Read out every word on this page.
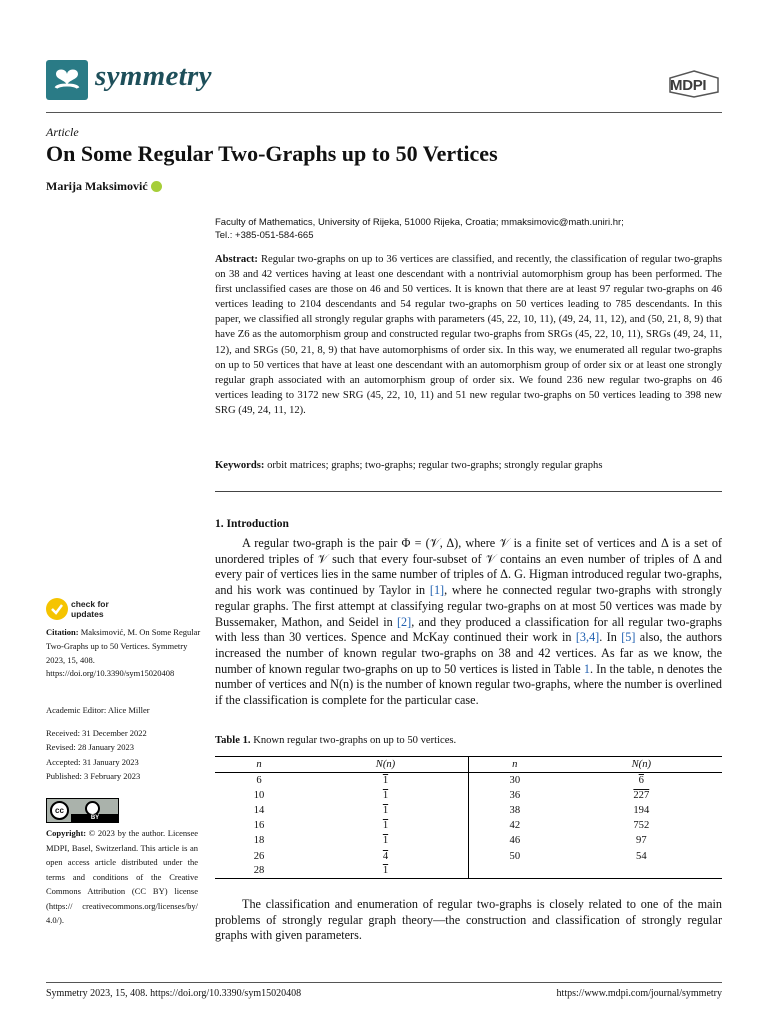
symmetry	MDPI
Article
On Some Regular Two-Graphs up to 50 Vertices
Marija Maksimović
Faculty of Mathematics, University of Rijeka, 51000 Rijeka, Croatia; mmaksimovic@math.uniri.hr;
Tel.: +385-051-584-665
Abstract: Regular two-graphs on up to 36 vertices are classified, and recently, the classification of regular two-graphs on 38 and 42 vertices having at least one descendant with a nontrivial automorphism group has been performed. The first unclassified cases are those on 46 and 50 vertices. It is known that there are at least 97 regular two-graphs on 46 vertices leading to 2104 descendants and 54 regular two-graphs on 50 vertices leading to 785 descendants. In this paper, we classified all strongly regular graphs with parameters (45, 22, 10, 11), (49, 24, 11, 12), and (50, 21, 8, 9) that have Z6 as the automorphism group and constructed regular two-graphs from SRGs (45, 22, 10, 11), SRGs (49, 24, 11, 12), and SRGs (50, 21, 8, 9) that have automorphisms of order six. In this way, we enumerated all regular two-graphs on up to 50 vertices that have at least one descendant with an automorphism group of order six or at least one strongly regular graph associated with an automorphism group of order six. We found 236 new regular two-graphs on 46 vertices leading to 3172 new SRG (45, 22, 10, 11) and 51 new regular two-graphs on 50 vertices leading to 398 new SRG (49, 24, 11, 12).
Keywords: orbit matrices; graphs; two-graphs; regular two-graphs; strongly regular graphs
1. Introduction
A regular two-graph is the pair Φ = (𝒱, Δ), where 𝒱 is a finite set of vertices and Δ is a set of unordered triples of 𝒱 such that every four-subset of 𝒱 contains an even number of triples of Δ and every pair of vertices lies in the same number of triples of Δ. G. Higman introduced regular two-graphs, and his work was continued by Taylor in [1], where he connected regular two-graphs with strongly regular graphs. The first attempt at classifying regular two-graphs on at most 50 vertices was made by Bussemaker, Mathon, and Seidel in [2], and they produced a classification for all regular two-graphs with less than 30 vertices. Spence and McKay continued their work in [3,4]. In [5] also, the authors increased the number of known regular two-graphs on 38 and 42 vertices. As far as we know, the number of known regular two-graphs on up to 50 vertices is listed in Table 1. In the table, n denotes the number of vertices and N(n) is the number of known regular two-graphs, where the number is overlined if the classification is complete for the particular case.
check for
updates
Citation: Maksimović, M. On Some Regular Two-Graphs up to 50 Vertices. Symmetry 2023, 15, 408. https://doi.org/10.3390/sym15020408
Academic Editor: Alice Miller
Received: 31 December 2022
Revised: 28 January 2023
Accepted: 31 January 2023
Published: 3 February 2023
cc
BY
Copyright: © 2023 by the author. Licensee MDPI, Basel, Switzerland. This article is an open access article distributed under the terms and conditions of the Creative Commons Attribution (CC BY) license (https:// creativecommons.org/licenses/by/ 4.0/).
Table 1. Known regular two-graphs on up to 50 vertices.
n	N(n)	n	N(n)
6	1	30	6
10	1	36	227
14	1	38	194
16	1	42	752
18	1	46	97
26	4	50	54
28	1		
The classification and enumeration of regular two-graphs is closely related to one of the main problems of strongly regular graph theory—the construction and classification of strongly regular graphs with given parameters.
Symmetry 2023, 15, 408. https://doi.org/10.3390/sym15020408	https://www.mdpi.com/journal/symmetry
